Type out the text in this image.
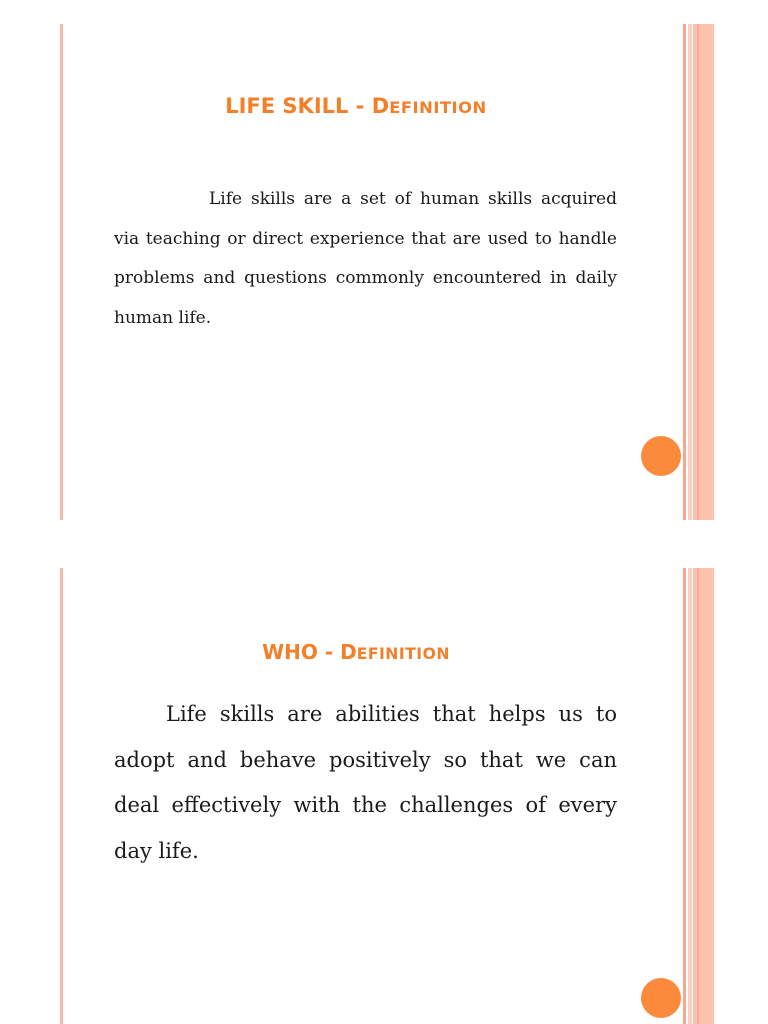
LIFE SKILL - DEFINITION

Life skills are a set of human skills acquired via teaching or direct experience that are used to handle problems and questions commonly encountered in daily human life.

WHO - DEFINITION

Life skills are abilities that helps us to adopt and behave positively so that we can deal effectively with the challenges of every day life.
